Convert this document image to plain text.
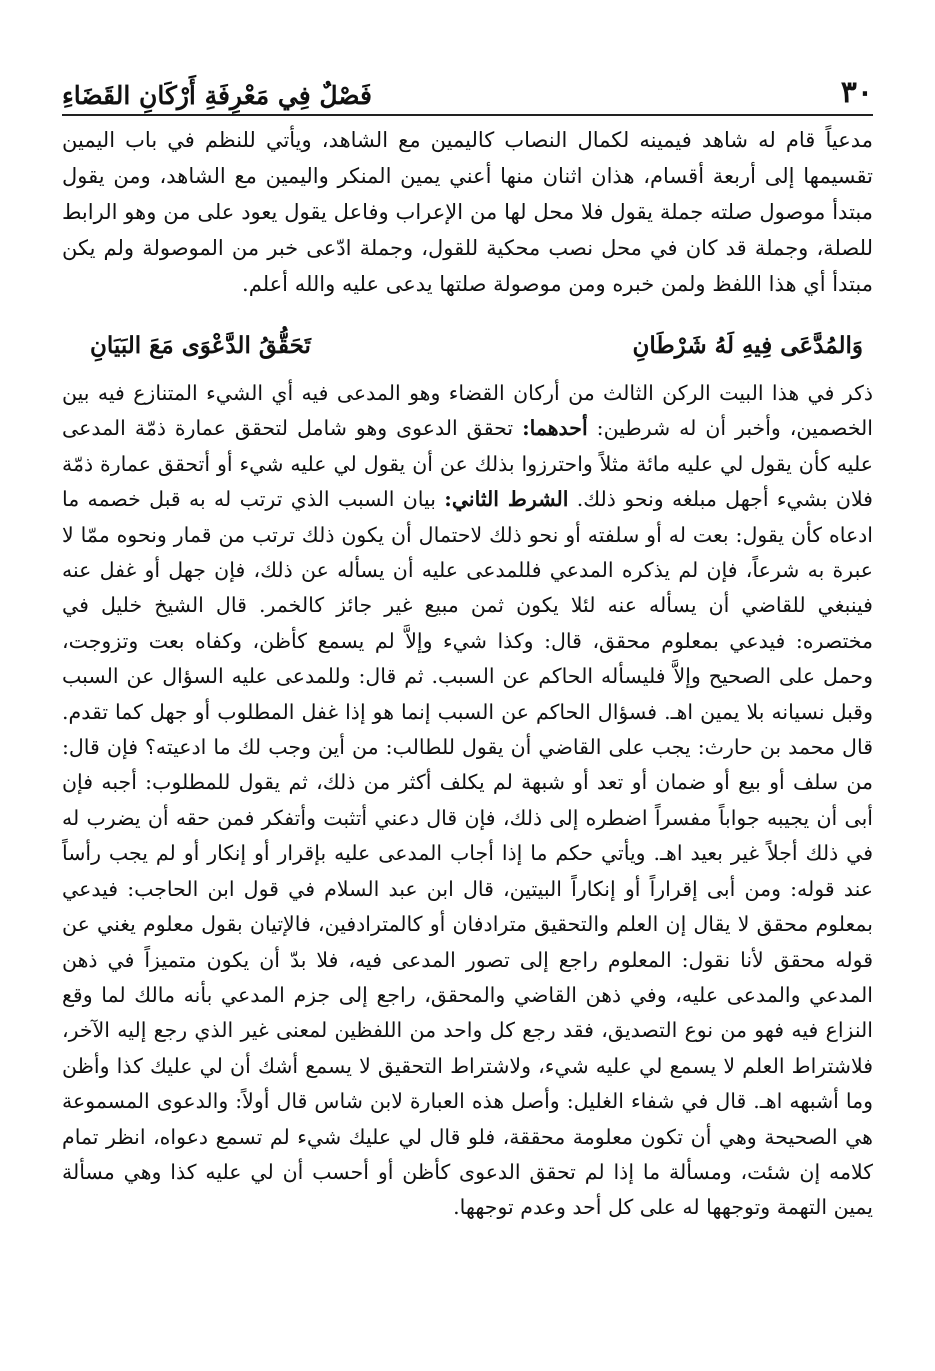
٣٠
فَصْلٌ فِي مَعْرِفَةِ أَرْكَانِ القَضَاءِ

مدعياً قام له شاهد فيمينه لكمال النصاب كاليمين مع الشاهد، ويأتي للنظم في باب اليمين تقسيمها إلى أربعة أقسام، هذان اثنان منها أعني يمين المنكر واليمين مع الشاهد، ومن يقول مبتدأ موصول صلته جملة يقول فلا محل لها من الإعراب وفاعل يقول يعود على من وهو الرابط للصلة، وجملة قد كان في محل نصب محكية للقول، وجملة ادّعى خبر من الموصولة ولم يكن مبتدأ أي هذا اللفظ ولمن خبره ومن موصولة صلتها يدعى عليه والله أعلم.

وَالمُدَّعَى فِيهِ لَهُ شَرْطَانِ
تَحَقُّقُ الدَّعْوَى مَعَ البَيَانِ

ذكر في هذا البيت الركن الثالث من أركان القضاء وهو المدعى فيه أي الشيء المتنازع فيه بين الخصمين، وأخبر أن له شرطين: أحدهما: تحقق الدعوى وهو شامل لتحقق عمارة ذمّة المدعى عليه كأن يقول لي عليه مائة مثلاً واحترزوا بذلك عن أن يقول لي عليه شيء أو أتحقق عمارة ذمّة فلان بشيء أجهل مبلغه ونحو ذلك. الشرط الثاني: بيان السبب الذي ترتب له به قبل خصمه ما ادعاه كأن يقول: بعت له أو سلفته أو نحو ذلك لاحتمال أن يكون ذلك ترتب من قمار ونحوه ممّا لا عبرة به شرعاً، فإن لم يذكره المدعي فللمدعى عليه أن يسأله عن ذلك، فإن جهل أو غفل عنه فينبغي للقاضي أن يسأله عنه لئلا يكون ثمن مبيع غير جائز كالخمر. قال الشيخ خليل في مختصره: فيدعي بمعلوم محقق، قال: وكذا شيء وإلاَّ لم يسمع كأظن، وكفاه بعت وتزوجت، وحمل على الصحيح وإلاَّ فليسأله الحاكم عن السبب. ثم قال: وللمدعى عليه السؤال عن السبب وقبل نسيانه بلا يمين اهـ. فسؤال الحاكم عن السبب إنما هو إذا غفل المطلوب أو جهل كما تقدم. قال محمد بن حارث: يجب على القاضي أن يقول للطالب: من أين وجب لك ما ادعيته؟ فإن قال: من سلف أو بيع أو ضمان أو تعد أو شبهة لم يكلف أكثر من ذلك، ثم يقول للمطلوب: أجبه فإن أبى أن يجيبه جواباً مفسراً اضطره إلى ذلك، فإن قال دعني أتثبت وأتفكر فمن حقه أن يضرب له في ذلك أجلاً غير بعيد اهـ. ويأتي حكم ما إذا أجاب المدعى عليه بإقرار أو إنكار أو لم يجب رأساً عند قوله: ومن أبى إقراراً أو إنكاراً البيتين، قال ابن عبد السلام في قول ابن الحاجب: فيدعي بمعلوم محقق لا يقال إن العلم والتحقيق مترادفان أو كالمترادفين، فالإتيان بقول معلوم يغني عن قوله محقق لأنا نقول: المعلوم راجع إلى تصور المدعى فيه، فلا بدّ أن يكون متميزاً في ذهن المدعي والمدعى عليه، وفي ذهن القاضي والمحقق، راجع إلى جزم المدعي بأنه مالك لما وقع النزاع فيه فهو من نوع التصديق، فقد رجع كل واحد من اللفظين لمعنى غير الذي رجع إليه الآخر، فلاشتراط العلم لا يسمع لي عليه شيء، ولاشتراط التحقيق لا يسمع أشك أن لي عليك كذا وأظن وما أشبهه اهـ. قال في شفاء الغليل: وأصل هذه العبارة لابن شاس قال أولاً: والدعوى المسموعة هي الصحيحة وهي أن تكون معلومة محققة، فلو قال لي عليك شيء لم تسمع دعواه، انظر تمام كلامه إن شئت، ومسألة ما إذا لم تحقق الدعوى كأظن أو أحسب أن لي عليه كذا وهي مسألة يمين التهمة وتوجهها له على كل أحد وعدم توجهها.
